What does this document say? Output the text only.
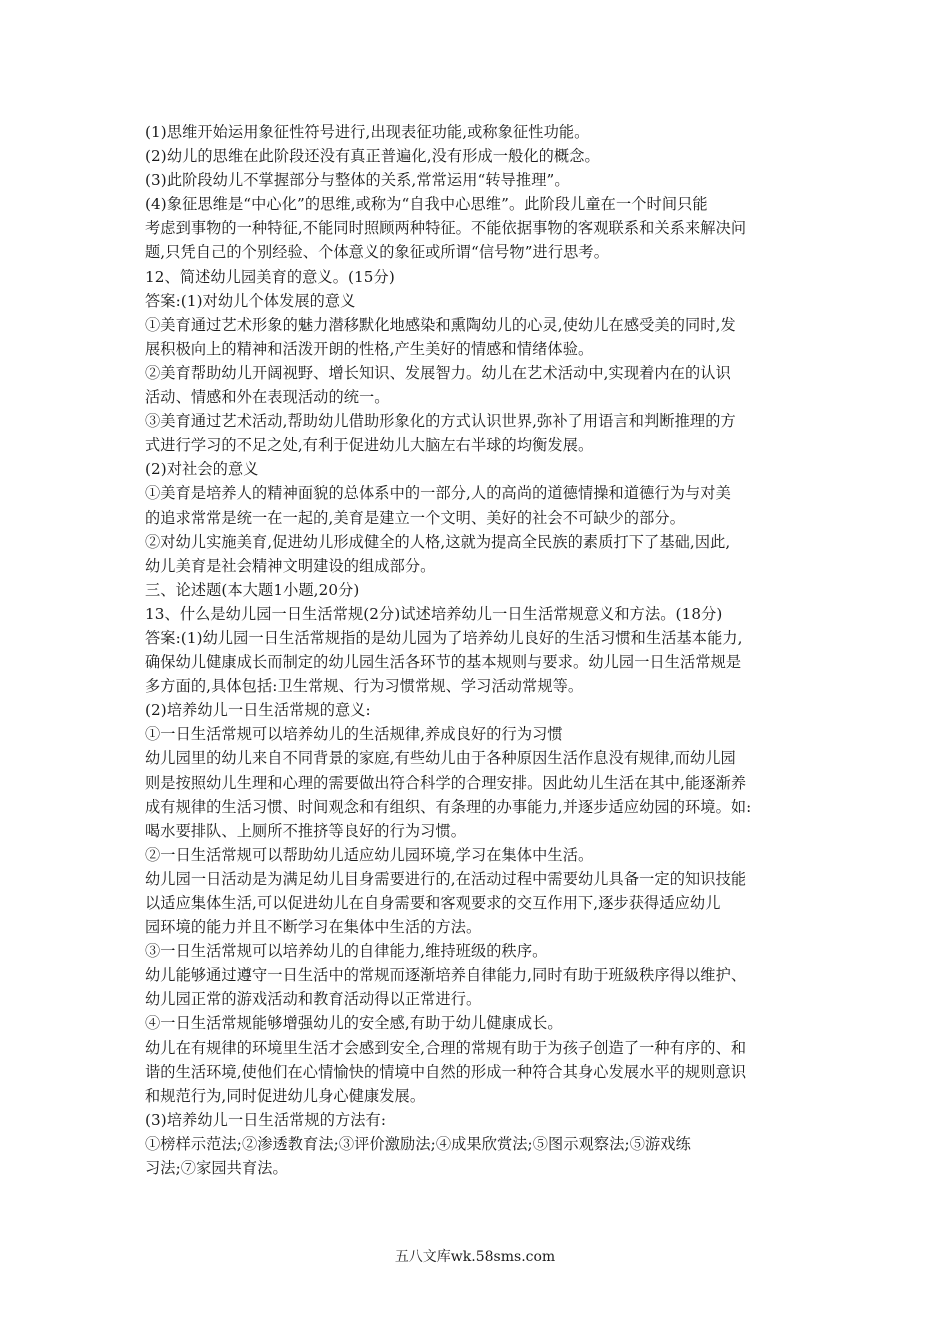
(1)思维开始运用象征性符号进行,出现表征功能,或称象征性功能。
(2)幼儿的思维在此阶段还没有真正普遍化,没有形成一般化的概念。
(3)此阶段幼儿不掌握部分与整体的关系,常常运用“转导推理”。
(4)象征思维是“中心化”的思维,或称为“自我中心思维”。此阶段儿童在一个时间只能
考虑到事物的一种特征,不能同时照顾两种特征。不能依据事物的客观联系和关系来解决问
题,只凭自己的个别经验、个体意义的象征或所谓“信号物”进行思考。
12、简述幼儿园美育的意义。(15分)
答案:(1)对幼儿个体发展的意义
①美育通过艺术形象的魅力潜移默化地感染和熏陶幼儿的心灵,使幼儿在感受美的同时,发
展积极向上的精神和活泼开朗的性格,产生美好的情感和情绪体验。
②美育帮助幼儿开阔视野、增长知识、发展智力。幼儿在艺术活动中,实现着内在的认识
活动、情感和外在表现活动的统一。
③美育通过艺术活动,帮助幼儿借助形象化的方式认识世界,弥补了用语言和判断推理的方
式进行学习的不足之处,有利于促进幼儿大脑左右半球的均衡发展。
(2)对社会的意义
①美育是培养人的精神面貌的总体系中的一部分,人的高尚的道德情操和道德行为与对美
的追求常常是统一在一起的,美育是建立一个文明、美好的社会不可缺少的部分。
②对幼儿实施美育,促进幼儿形成健全的人格,这就为提高全民族的素质打下了基础,因此,
幼儿美育是社会精神文明建设的组成部分。
三、论述题(本大题1小题,20分)
13、什么是幼儿园一日生活常规(2分)试述培养幼儿一日生活常规意义和方法。(18分)
答案:(1)幼儿园一日生活常规指的是幼儿园为了培养幼儿良好的生活习惯和生活基本能力,
确保幼儿健康成长而制定的幼儿园生活各环节的基本规则与要求。幼儿园一日生活常规是
多方面的,具体包括:卫生常规、行为习惯常规、学习活动常规等。
(2)培养幼儿一日生活常规的意义:
①一日生活常规可以培养幼儿的生活规律,养成良好的行为习惯
幼儿园里的幼儿来自不同背景的家庭,有些幼儿由于各种原因生活作息没有规律,而幼儿园
则是按照幼儿生理和心理的需要做出符合科学的合理安排。因此幼儿生活在其中,能逐渐养
成有规律的生活习惯、时间观念和有组织、有条理的办事能力,并逐步适应幼园的环境。如:
喝水要排队、上厕所不推挤等良好的行为习惯。
②一日生活常规可以帮助幼儿适应幼儿园环境,学习在集体中生活。
幼儿园一日活动是为满足幼儿目身需要进行的,在活动过程中需要幼儿具备一定的知识技能
以适应集体生活,可以促进幼儿在自身需要和客观要求的交互作用下,逐步获得适应幼儿
园环境的能力并且不断学习在集体中生活的方法。
③一日生活常规可以培养幼儿的自律能力,维持班级的秩序。
幼儿能够通过遵守一日生活中的常规而逐渐培养自律能力,同时有助于班級秩序得以维护、
幼儿园正常的游戏活动和教育活动得以正常进行。
④一日生活常规能够增强幼儿的安全感,有助于幼儿健康成长。
幼儿在有规律的环境里生活才会感到安全,合理的常规有助于为孩子创造了一种有序的、和
谐的生活环境,使他们在心情愉快的情境中自然的形成一种符合其身心发展水平的规则意识
和规范行为,同时促进幼儿身心健康发展。
(3)培养幼儿一日生活常规的方法有:
①榜样示范法;②渗透教育法;③评价激励法;④成果欣赏法;⑤图示观察法;⑤游戏练
习法;⑦家园共育法。
五八文库wk.58sms.com
